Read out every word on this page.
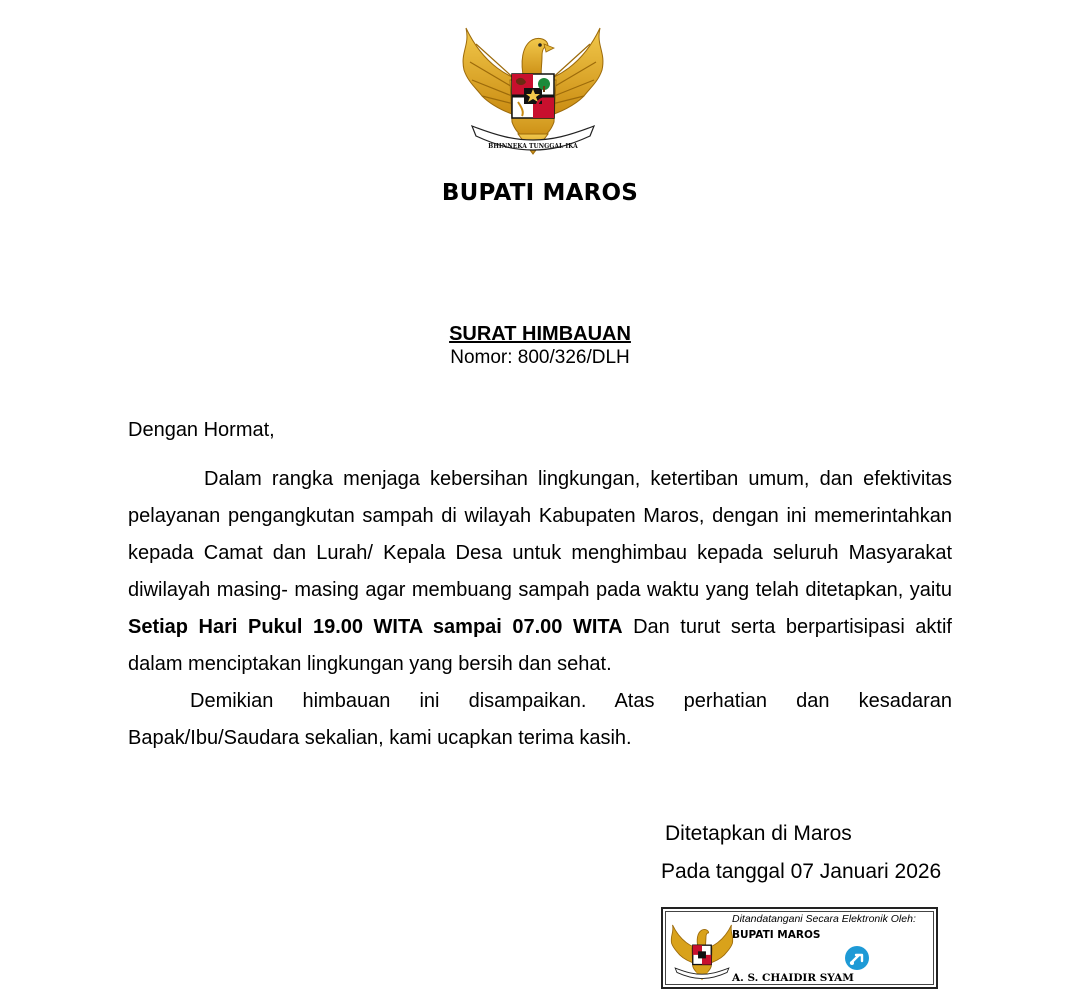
BHINNEKA TUNGGAL IKA
BUPATI MAROS
SURAT HIMBAUAN
Nomor: 800/326/DLH
Dengan Hormat,

Dalam rangka menjaga kebersihan lingkungan, ketertiban umum, dan efektivitas pelayanan pengangkutan sampah di wilayah Kabupaten Maros, dengan ini memerintahkan kepada Camat dan Lurah/ Kepala Desa untuk menghimbau kepada seluruh Masyarakat diwilayah masing- masing agar membuang sampah pada waktu yang telah ditetapkan, yaitu Setiap Hari Pukul 19.00 WITA sampai 07.00 WITA Dan turut serta berpartisipasi aktif dalam menciptakan lingkungan yang bersih dan sehat.

Demikian himbauan ini disampaikan. Atas perhatian dan kesadaran Bapak/Ibu/Saudara sekalian, kami ucapkan terima kasih.

Ditetapkan di Maros
Pada tanggal 07 Januari 2026
Ditandatangani Secara Elektronik Oleh:
BUPATI MAROS
A. S. CHAIDIR SYAM
